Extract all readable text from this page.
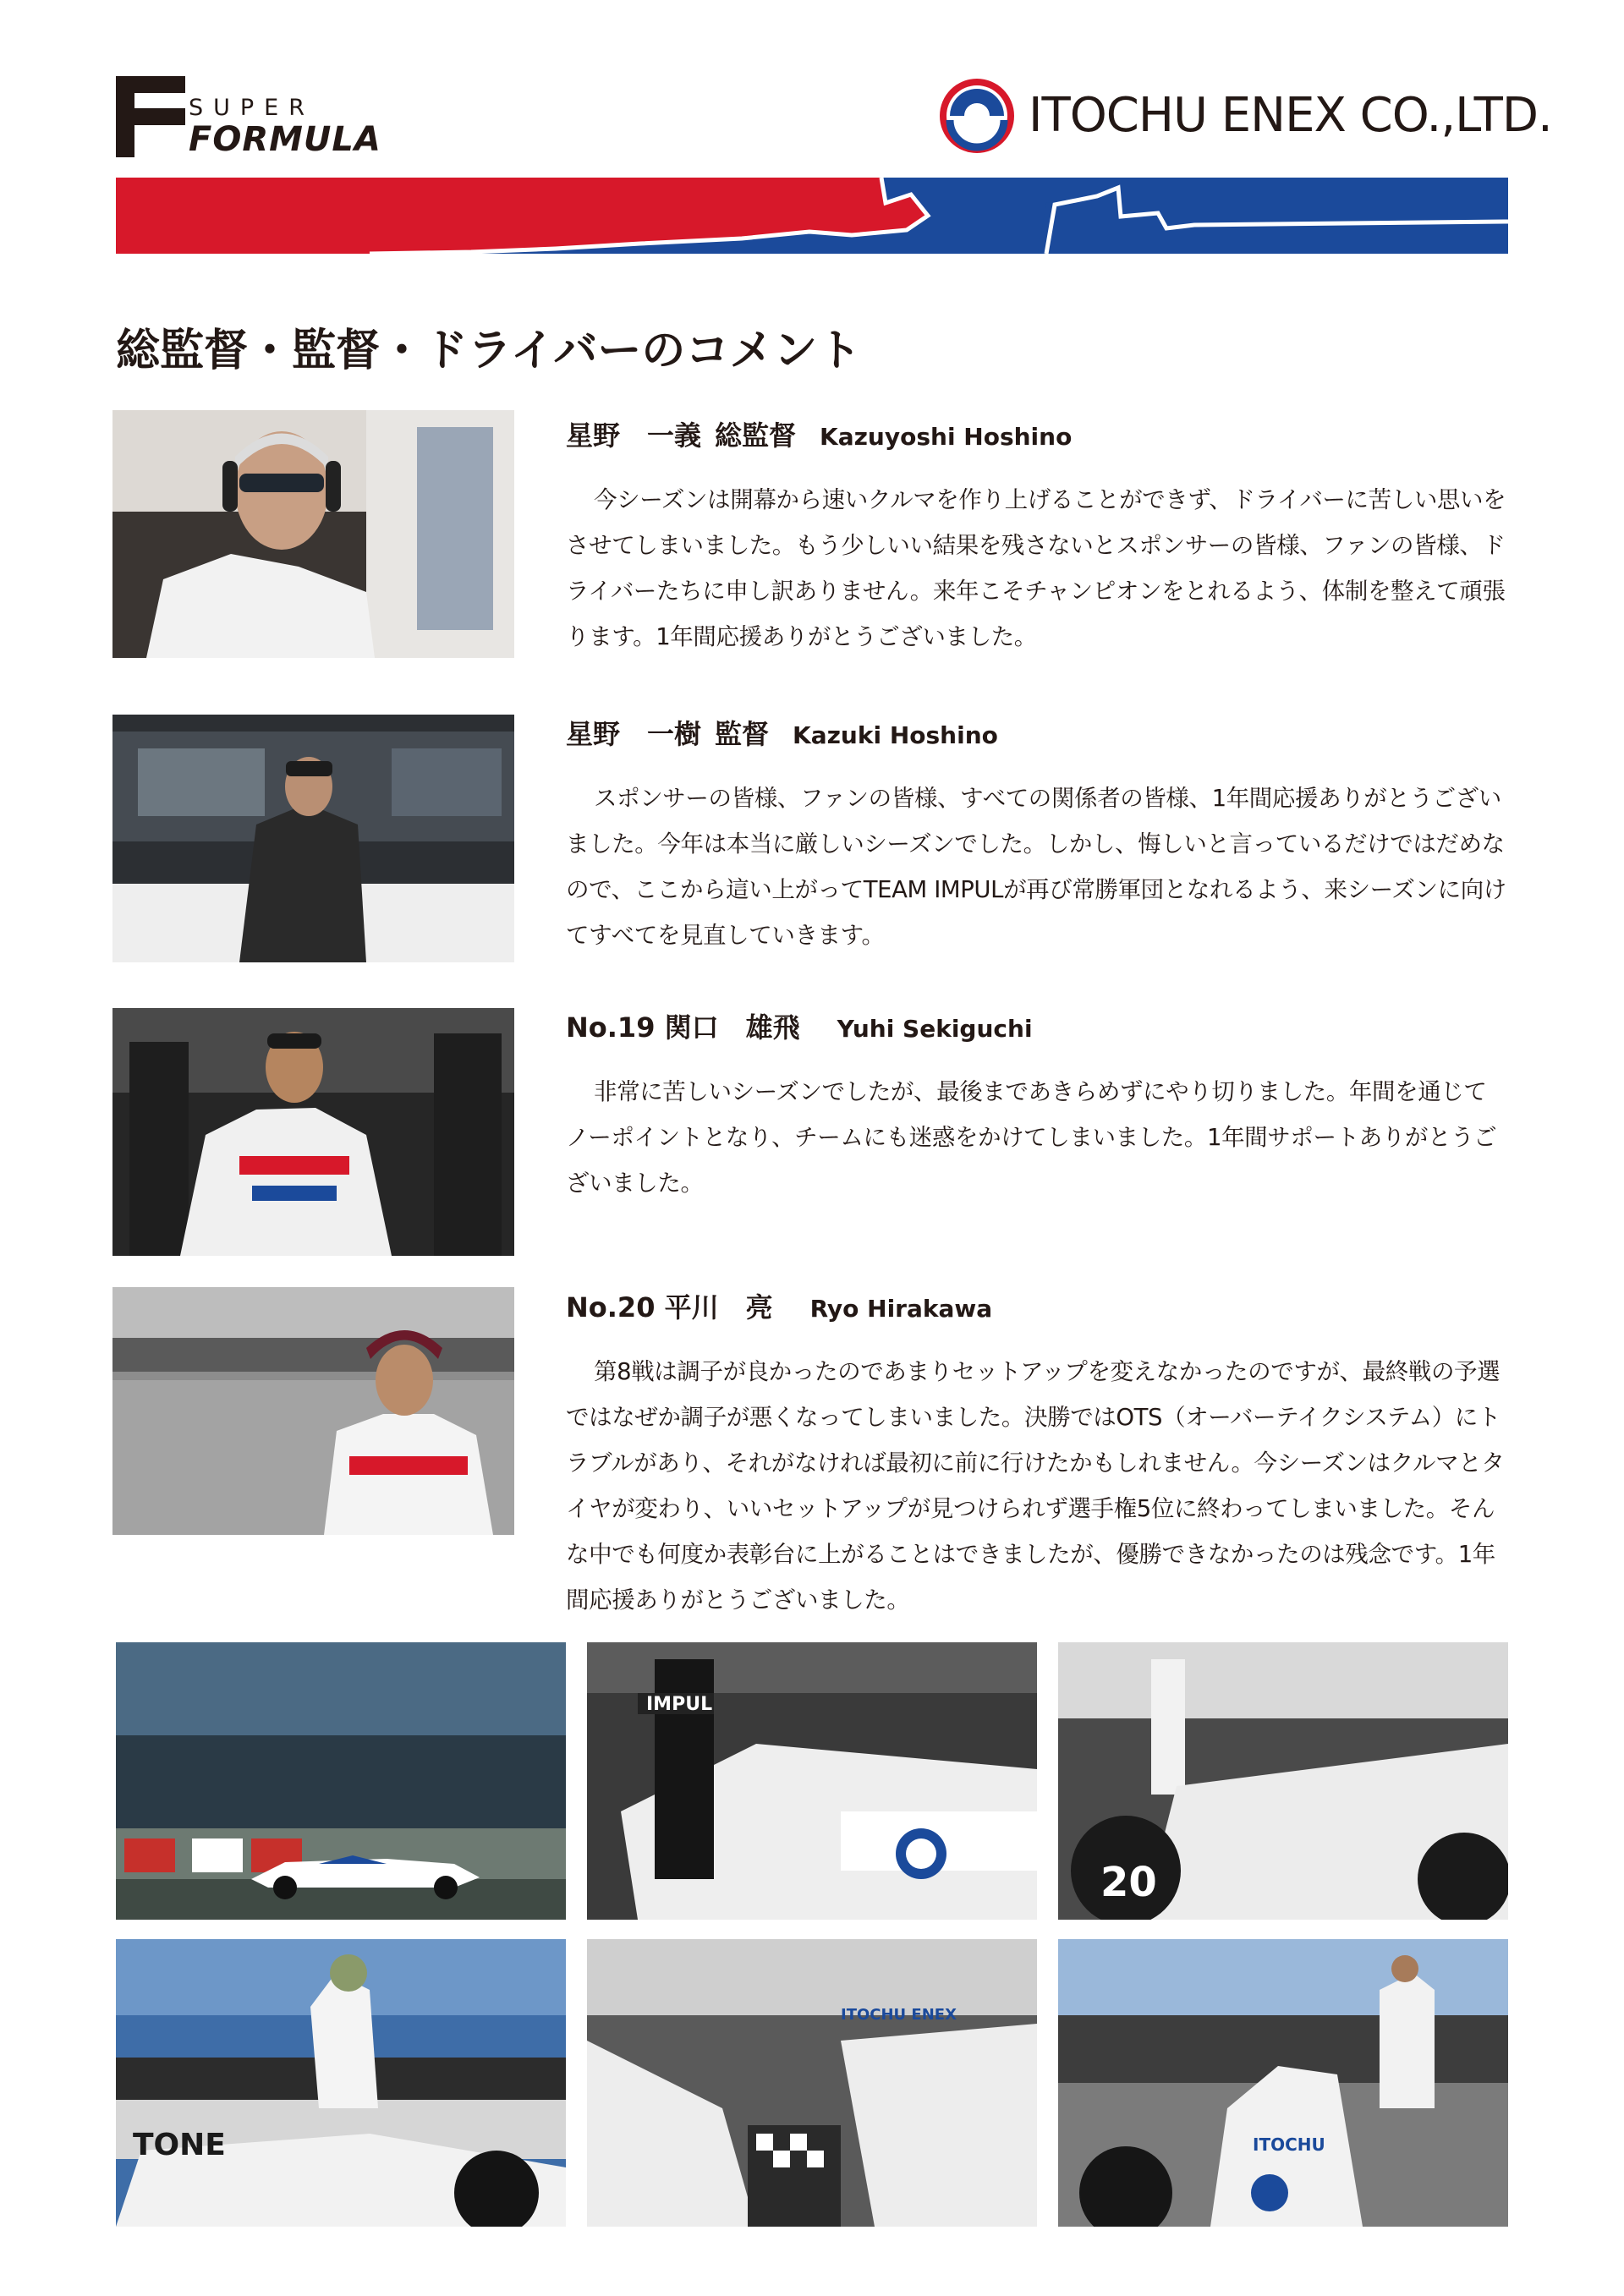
SUPER
FORMULA	ITOCHU ENEX CO.,LTD.
総監督・監督・ドライバーのコメント
星野　一義 総監督 Kazuyoshi Hoshino

今シーズンは開幕から速いクルマを作り上げることができず、ドライバーに苦しい思いをさせてしまいました。もう少しいい結果を残さないとスポンサーの皆様、ファンの皆様、ドライバーたちに申し訳ありません。来年こそチャンピオンをとれるよう、体制を整えて頑張ります。1年間応援ありがとうございました。

星野　一樹 監督 Kazuki Hoshino

スポンサーの皆様、ファンの皆様、すべての関係者の皆様、1年間応援ありがとうございました。今年は本当に厳しいシーズンでした。しかし、悔しいと言っているだけではだめなので、ここから這い上がってTEAM IMPULが再び常勝軍団となれるよう、来シーズンに向けてすべてを見直していきます。

No.19 関口　雄飛 Yuhi Sekiguchi

非常に苦しいシーズンでしたが、最後まであきらめずにやり切りました。年間を通じてノーポイントとなり、チームにも迷惑をかけてしまいました。1年間サポートありがとうございました。

No.20 平川　亮 Ryo Hirakawa

第8戦は調子が良かったのであまりセットアップを変えなかったのですが、最終戦の予選ではなぜか調子が悪くなってしまいました。決勝ではOTS（オーバーテイクシステム）にトラブルがあり、それがなければ最初に前に行けたかもしれません。今シーズンはクルマとタイヤが変わり、いいセットアップが見つけられず選手権5位に終わってしまいました。そんな中でも何度か表彰台に上がることはできましたが、優勝できなかったのは残念です。1年間応援ありがとうございました。

IMPUL
20
TONE
ITOCHU ENEX
ITOCHU
